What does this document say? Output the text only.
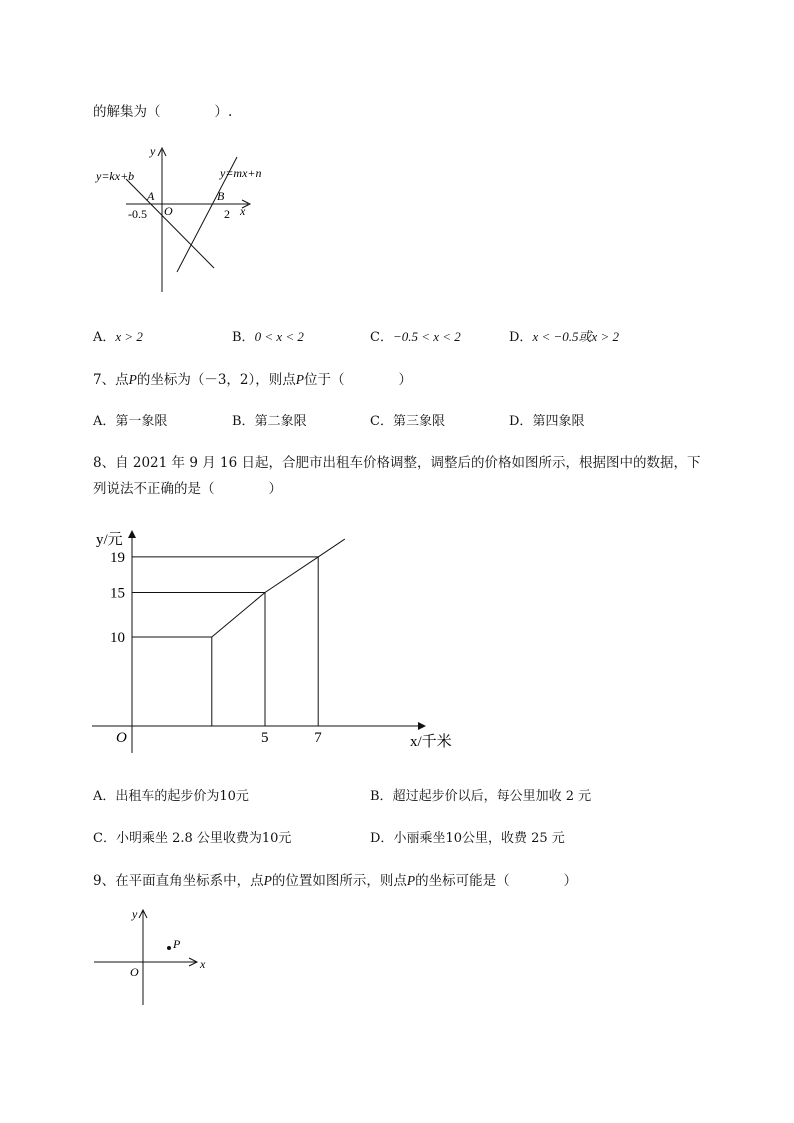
的解集为（　　　　）.
y
x
O
y=kx+b	y=mx+n
A	B
-0.5	2
A．x > 2	B．0 < x < 2	C．−0.5 < x < 2	D．x < −0.5或x > 2
7、点P的坐标为（－3，2），则点P位于（　　　　）
A．第一象限	B．第二象限	C．第三象限	D．第四象限
8、自 2021 年 9 月 16 日起，合肥市出租车价格调整，调整后的价格如图所示，根据图中的数据，下
列说法不正确的是（　　　　）
10
15
19
5	7
O
y/元
x/千米
A．出租车的起步价为10元	B．超过起步价以后，每公里加收 2 元
C．小明乘坐 2.8 公里收费为10元	D．小丽乘坐10公里，收费 25 元
9、在平面直角坐标系中，点P的位置如图所示，则点P的坐标可能是（　　　　）
y
x
O
P
